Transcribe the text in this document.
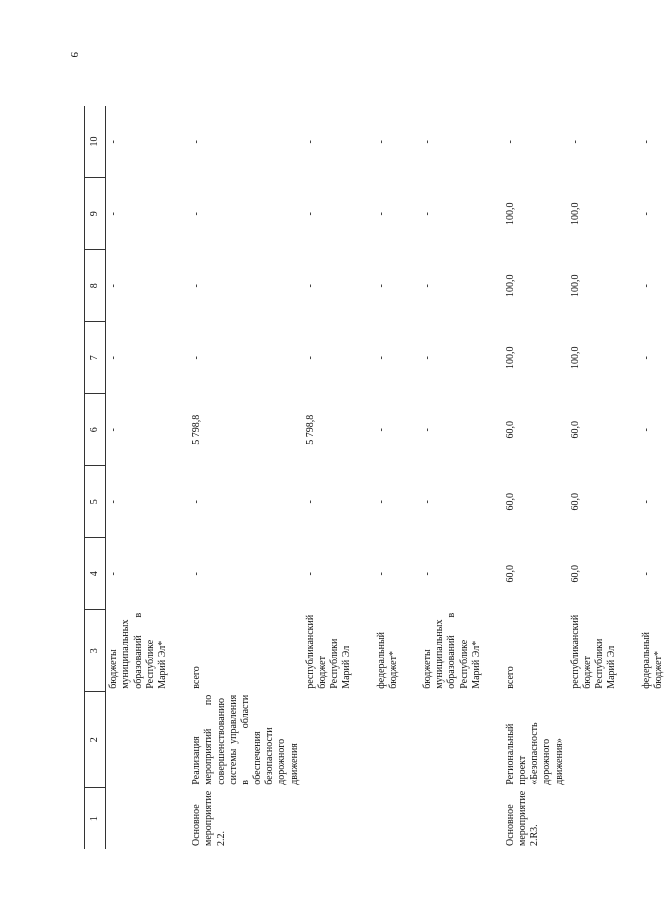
9
1	2	3	4	5	6	7	8	9	10
		бюджеты муниципальных образований в Республике Марий Эл*	-	-	-	-	-	-	-
Основное мероприятие 2.2.	Реализация мероприятий по совершенствованию системы управления в области обеспечения безопасности дорожного движения	всего	-	-	5 798,8	-	-	-	-
		республиканский бюджет Республики Марий Эл	-	-	5 798,8	-	-	-	-
		федеральный бюджет*	-	-	-	-	-	-	-
		бюджеты муниципальных образований в Республике Марий Эл*	-	-	-	-	-	-	-
Основное мероприятие 2.R3.	Региональный проект «Безопасность дорожного движения»	всего	60,0	60,0	60,0	100,0	100,0	100,0	-
		республиканский бюджет Республики Марий Эл	60,0	60,0	60,0	100,0	100,0	100,0	-
		федеральный бюджет*	-	-	-	-	-	-	-
